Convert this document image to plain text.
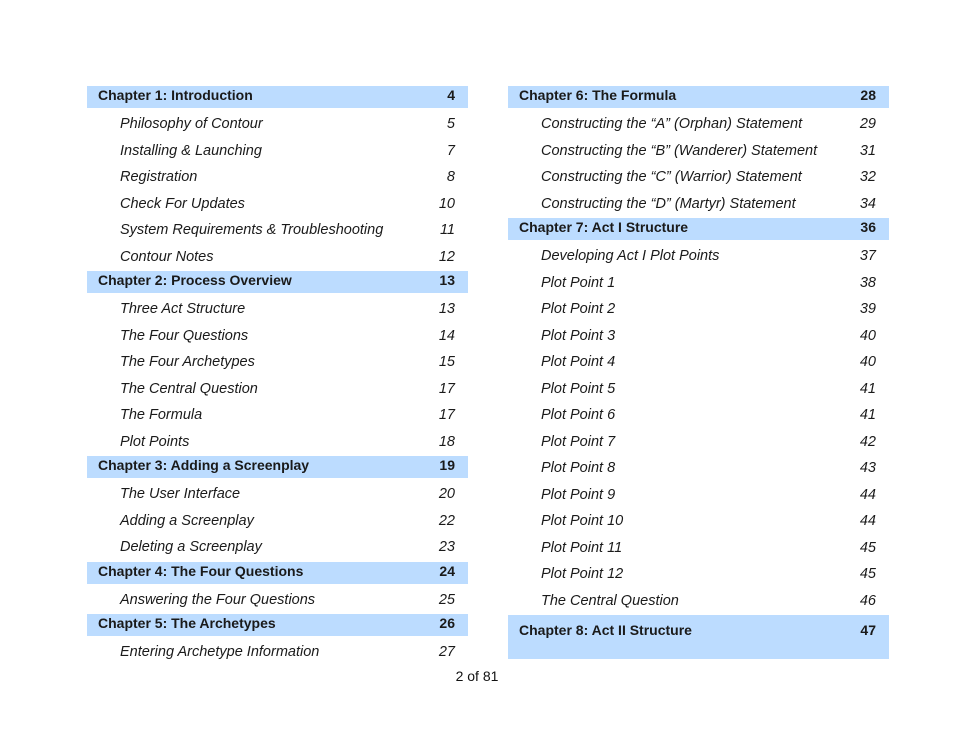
Chapter 1: Introduction	4
Philosophy of Contour	5
Installing & Launching	7
Registration	8
Check For Updates	10
System Requirements & Troubleshooting	11
Contour Notes	12
Chapter 2: Process Overview	13
Three Act Structure	13
The Four Questions	14
The Four Archetypes	15
The Central Question	17
The Formula	17
Plot Points	18
Chapter 3: Adding a Screenplay	19
The User Interface	20
Adding a Screenplay	22
Deleting a Screenplay	23
Chapter 4: The Four Questions	24
Answering the Four Questions	25
Chapter 5: The Archetypes	26
Entering Archetype Information	27
Chapter 6: The Formula	28
Constructing the “A” (Orphan) Statement	29
Constructing the “B” (Wanderer) Statement	31
Constructing the “C” (Warrior) Statement	32
Constructing the “D” (Martyr) Statement	34
Chapter 7: Act I Structure	36
Developing Act I Plot Points	37
Plot Point 1	38
Plot Point 2	39
Plot Point 3	40
Plot Point 4	40
Plot Point 5	41
Plot Point 6	41
Plot Point 7	42
Plot Point 8	43
Plot Point 9	44
Plot Point 10	44
Plot Point 11	45
Plot Point 12	45
The Central Question	46
Chapter 8: Act II Structure	47
2 of 81
